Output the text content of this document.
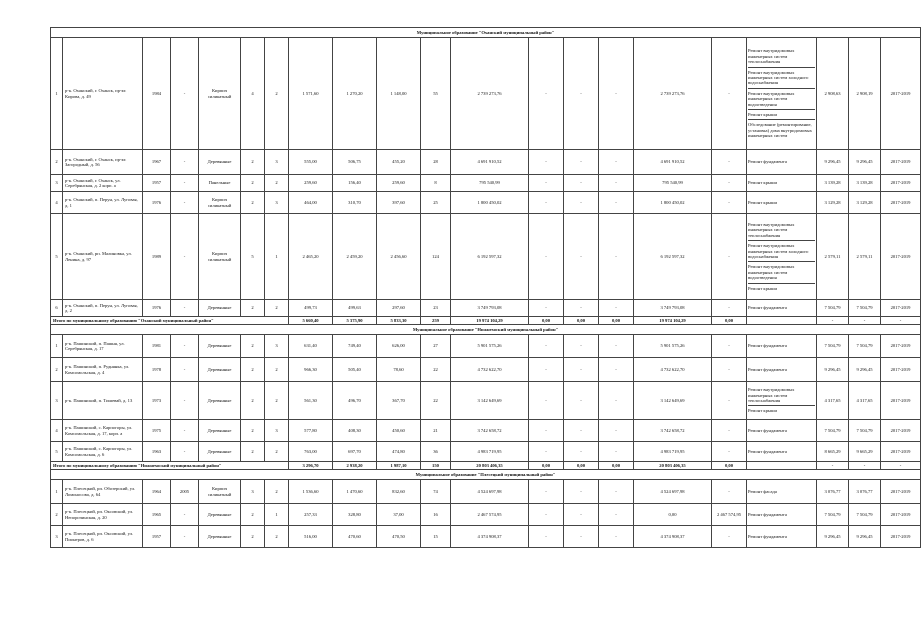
Муниципальное образование "Оханский муниципальный район"																				
1	р-к. Оханский, г. Оханск, пр-кт. Кирова, д. 49	1984	-	Кирпич силикатный	4	2	1 571,60	1 270,20	1 148,00	55	2 739 273,76	-	-	-	2 739 273,76	-	Ремонт внутридомовых инженерных систем теплоснабжения
Ремонт внутридомовых инженерных систем холодного водоснабжения
Ремонт внутридомовых инженерных систем водоотведения
Ремонт крыши
Обследование (ремонтирование, установка) дома внутридомовых инженерных систем	2 908,63	2 908,19	2017-2019
2	р-к. Оханский, г. Оханск, пр-кт. Загородный, д. 56	1967	-	Деревянные	2	3	555,00	506,75	455,20	28	4 691 910,52	-	-	-	4 691 910,52	-	Ремонт фундамента	9 296,45	9 296,45	2017-2019
3	р-к. Оханский, г. Оханск, ул. Серебрянская, д. 2 корп. а	1957	-	Панельные	2	2	259,60	156,40	259,60	8	795 540,99	-	-	-	795 540,99	-	Ремонт крыши	3 139,28	3 139,28	2017-2019
4	р-к. Оханский, п. Перун, ул. Луговая, д. 1	1976	-	Кирпич силикатный	2	3	464,00	310,70	397,60	25	1 800 450,02	-	-	-	1 800 450,02	-	Ремонт крыши	3 129,28	3 129,28	2017-2019
5	р-к. Оханский, рп. Малиновка, ул. Ленина, д. 97	1989	-	Кирпич силикатный	5	1	2 465,20	2 459,20	2 456,60	124	6 192 597,32	-	-	-	6 192 597,32	-	Ремонт внутридомовых инженерных систем теплоснабжения
Ремонт внутридомовых инженерных систем холодного водоснабжения
Ремонт внутридомовых инженерных систем водоотведения
Ремонт крыши	2 579,11	2 579,11	2017-2019
6	р-к. Оханский, п. Перун, ул. Луговая, д. 2	1976	-	Деревянные	2	2	499,73	499,63	297,60	23	3 749 793,08	-	-	-	3 749 793,08	-	Ремонт фундамента	7 504,79	7 504,79	2017-2019
Итого по муниципальному образованию "Оханский муниципальный район"							5 660,40	5 375,90	5 833,30	259	19 974 104,29	0,00	0,00	0,00	19 974 104,29	0,00		-	-	-
Муниципальное образование "Нижнехоский муниципальный район"																				
1	р-к. Пашинский, п. Пашня, ул. Серебрянская, д. 17	1981	-	Деревянные	2	3	631,40	749,40	626,00	27	5 901 575,26	-	-	-	5 901 575,26	-	Ремонт фундамента	7 504,79	7 504,79	2017-2019
2	р-к. Пашинский, п. Руднянка, ул. Комсомольская, д. 4	1978	-	Деревянные	2	2	966,30	505,40	78,60	22	4 732 622,70	-	-	-	4 732 622,70	-	Ремонт фундамента	9 296,45	9 296,45	2017-2019
3	р-к. Пашинский, п. Тишевай, д. 13	1973	-	Деревянные	2	2	561,30	496,70	367,70	22	3 142 649,69	-	-	-	3 142 649,69	-	Ремонт внутридомовых инженерных систем теплоснабжения
Ремонт крыши	4 317,65	4 317,65	2017-2019
4	р-к. Пашинский, с. Карпогоры, ул. Комсомольская, д. 17, корп. а	1975	-	Деревянные	2	3	577,80	408,30	450,60	21	3 742 658,72	-	-	-	3 742 658,72	-	Ремонт фундамента	7 504,79	7 504,79	2017-2019
5	р-к. Пашинский, с. Карпогоры, ул. Комсомольская, д. 6	1963	-	Деревянные	2	2	763,00	697,70	474,80	36	4 983 719,95	-	-	-	4 983 719,95	-	Ремонт фундамента	8 665,29	9 665,29	2017-2019
Итого по муниципальному образованию "Нижнехоский муниципальный район"							3 296,70	2 938,20	1 987,10	150	20 803 406,35	0,00	0,00	0,00	20 803 406,35	0,00		-	-	-
Муниципальное образование "Плесецкий муниципальный район"																				
1	р-к. Плесецкий, рп. Обозерский, ул. Ломоносова, д. 64	1964	2005	Кирпич силикатный	3	2	1 536,60	1 470,60	832,60	74	4 524 697,98	-	-	-	4 524 697,98	-	Ремонт фасада	3 076,77	3 076,77	2017-2019
2	р-к. Плесецкий, рп. Оксовский, ул. Непорочинская, д. 20	1965	-	Деревянные	2	1	257,33	328,80	37,00	16	2 467 574,95	-	-	-	0,00	2 467 574,95	Ремонт фундамента	7 504,79	7 504,79	2017-2019
3	р-к. Плесецкий, рп. Оксовский, ул. Пионеров, д. 6	1957	-	Деревянные	2	2	516,00	470,60	470,50	15	4 374 908,37	-	-	-	4 374 908,37	-	Ремонт фундамента	9 296,45	9 296,45	2017-2019
